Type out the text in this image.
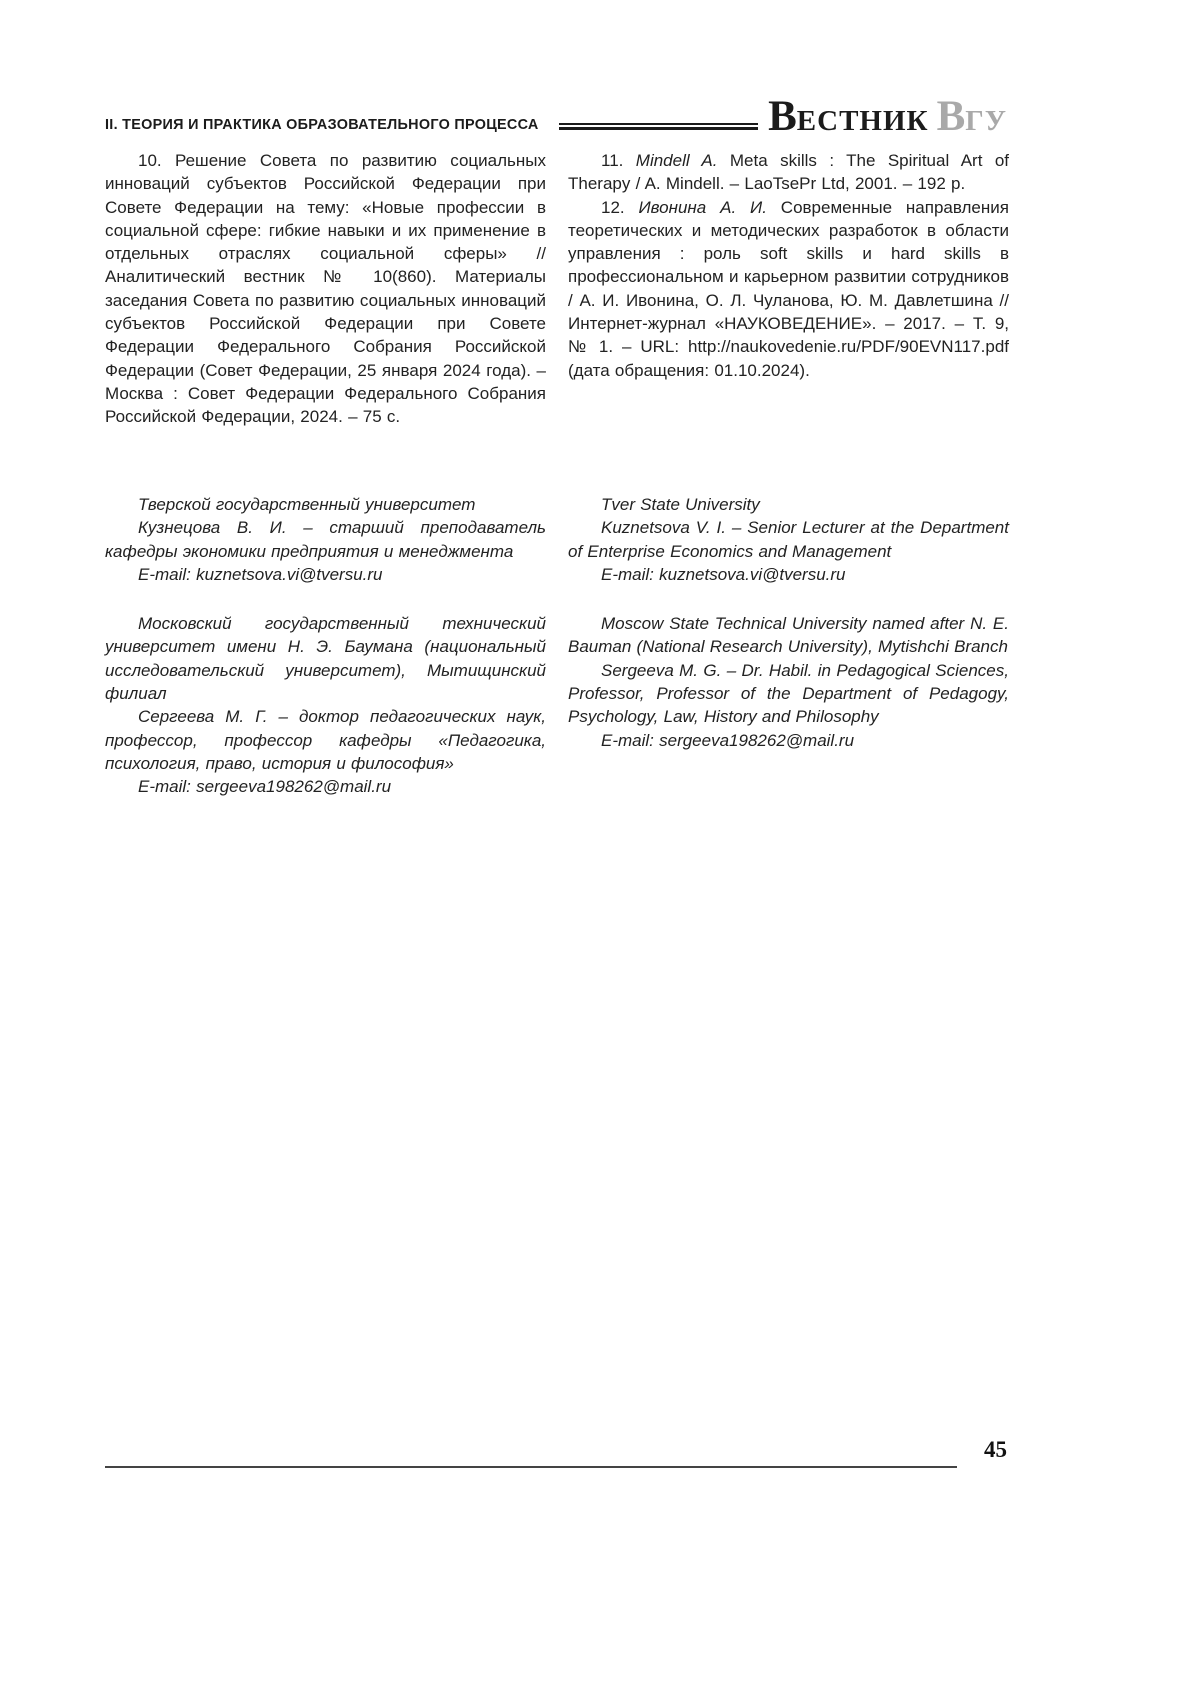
II. ТЕОРИЯ И ПРАКТИКА ОБРАЗОВАТЕЛЬНОГО ПРОЦЕССА	ВЕСТНИК ВГУ

10. Решение Совета по развитию социальных инноваций субъектов Российской Федерации при Совете Федерации на тему: «Новые профессии в социальной сфере: гибкие навыки и их применение в отдельных отраслях социальной сферы» // Аналитический вестник № 10(860). Материалы заседания Совета по развитию социальных инноваций субъектов Российской Федерации при Совете Федерации Федерального Собрания Российской Федерации (Совет Федерации, 25 января 2024 года). – Москва : Совет Федерации Федерального Собрания Российской Федерации, 2024. – 75 с.

11. Mindell A. Meta skills : The Spiritual Art of Therapy / A. Mindell. – LaoTsePr Ltd, 2001. – 192 p.

12. Ивонина А. И. Современные направления теоретических и методических разработок в области управления : роль soft skills и hard skills в профессиональном и карьерном развитии сотрудников / А. И. Ивонина, О. Л. Чуланова, Ю. М. Давлетшина // Интернет-журнал «НАУКОВЕДЕНИЕ». – 2017. – Т. 9, № 1. – URL: http://naukovedenie.ru/PDF/90EVN117.pdf (дата обращения: 01.10.2024).

Тверской государственный университет

Кузнецова В. И. – старший преподаватель кафедры экономики предприятия и менеджмента

E-mail: kuznetsova.vi@tversu.ru

Московский государственный технический университет имени Н. Э. Баумана (национальный исследовательский университет), Мытищинский филиал

Сергеева М. Г. – доктор педагогических наук, профессор, профессор кафедры «Педагогика, психология, право, история и философия»

E-mail: sergeeva198262@mail.ru

Tver State University

Kuznetsova V. I. – Senior Lecturer at the Department of Enterprise Economics and Management

E-mail: kuznetsova.vi@tversu.ru

Moscow State Technical University named after N. E. Bauman (National Research University), Mytishchi Branch

Sergeeva M. G. – Dr. Habil. in Pedagogical Sciences, Professor, Professor of the Department of Pedagogy, Psychology, Law, History and Philosophy

E-mail: sergeeva198262@mail.ru

45
